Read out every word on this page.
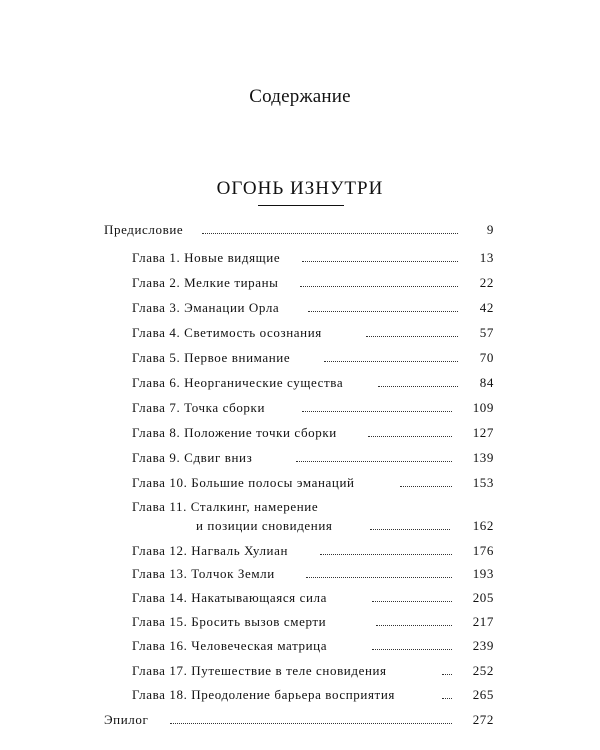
Содержание
ОГОНЬ ИЗНУТРИ
Предисловие	9
Глава 1. Новые видящие	13
Глава 2. Мелкие тираны	22
Глава 3. Эманации Орла	42
Глава 4. Светимость осознания	57
Глава 5. Первое внимание	70
Глава 6. Неорганические существа	84
Глава 7. Точка сборки	109
Глава 8. Положение точки сборки	127
Глава 9. Сдвиг вниз	139
Глава 10. Большие полосы эманаций	153
Глава 11. Сталкинг, намерение
и позиции сновидения	162
Глава 12. Нагваль Хулиан	176
Глава 13. Толчок Земли	193
Глава 14. Накатывающаяся сила	205
Глава 15. Бросить вызов смерти	217
Глава 16. Человеческая матрица	239
Глава 17. Путешествие в теле сновидения	252
Глава 18. Преодоление барьера восприятия	265
Эпилог	272
